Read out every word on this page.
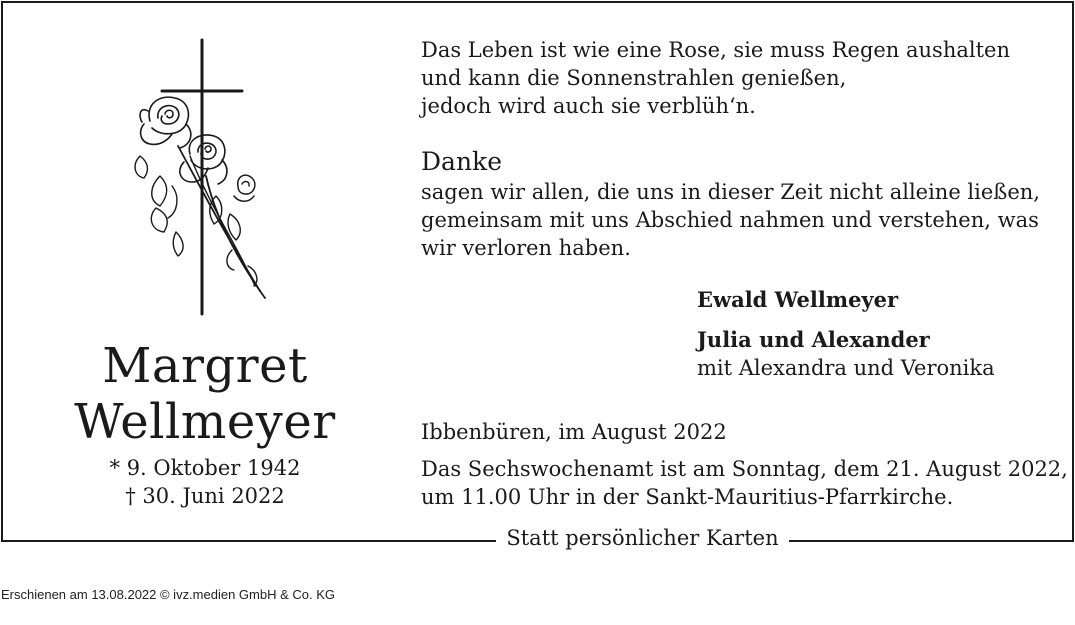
Statt persönlicher Karten
Margret
Wellmeyer
* 9. Oktober 1942
† 30. Juni 2022
Das Leben ist wie eine Rose, sie muss Regen aushalten
und kann die Sonnenstrahlen genießen,
jedoch wird auch sie verblüh‘n.
Danke
sagen wir allen, die uns in dieser Zeit nicht alleine ließen,
gemeinsam mit uns Abschied nahmen und verstehen, was
wir verloren haben.
Ewald Wellmeyer
Julia und Alexander
mit Alexandra und Veronika
Ibbenbüren, im August 2022
Das Sechswochenamt ist am Sonntag, dem 21. August 2022,
um 11.00 Uhr in der Sankt-Mauritius-Pfarrkirche.
Erschienen am 13.08.2022 © ivz.medien GmbH & Co. KG
